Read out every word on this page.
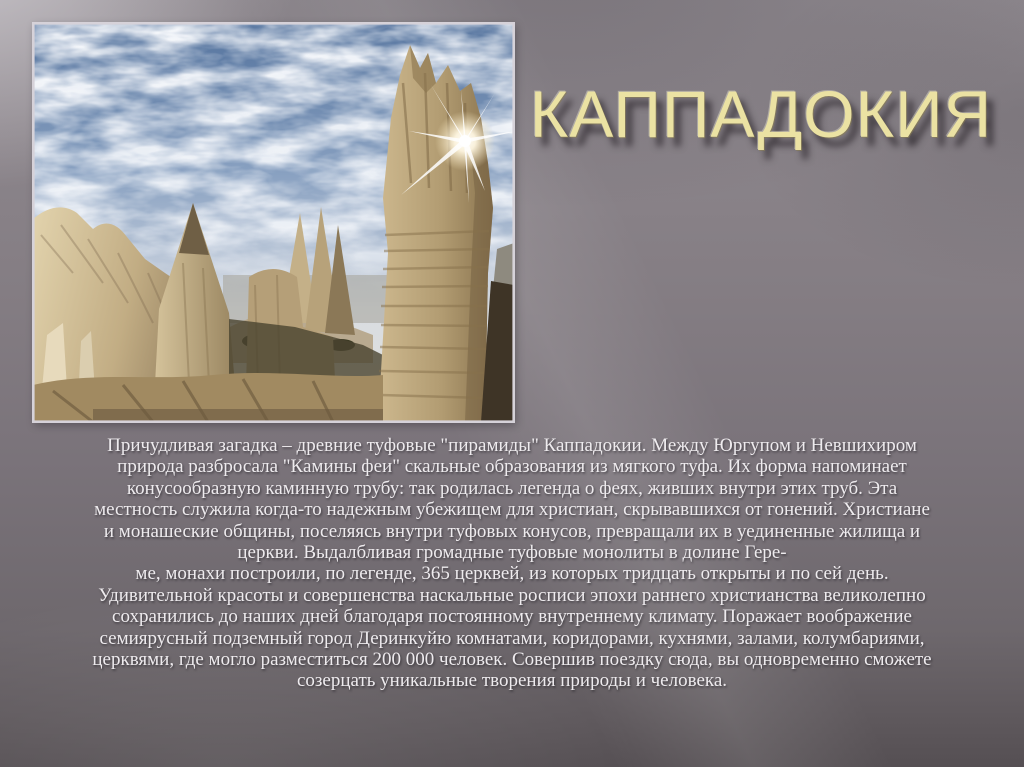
КАППАДОКИЯ
Причудливая загадка – древние туфовые "пирамиды" Каппадокии. Между Юргупом и Невшихиром
природа разбросала "Камины феи" скальные образования из мягкого туфа. Их форма напоминает
конусообразную каминную трубу: так родилась легенда о феях, живших внутри этих труб. Эта
местность служила когда-то надежным убежищем для христиан, скрывавшихся от гонений. Христиане
и монашеские общины, поселяясь внутри туфовых конусов, превращали их в уединенные жилища и
церкви. Выдалбливая громадные туфовые монолиты в долине Гере-
ме, монахи построили, по легенде, 365 церквей, из которых тридцать открыты и по сей день.
Удивительной красоты и совершенства наскальные росписи эпохи раннего христианства великолепно
сохранились до наших дней благодаря постоянному внутреннему климату. Поражает воображение
семиярусный подземный город Деринкуйю комнатами, коридорами, кухнями, залами, колумбариями,
церквями, где могло разместиться 200 000 человек. Совершив поездку сюда, вы одновременно сможете
созерцать уникальные творения природы и человека.
